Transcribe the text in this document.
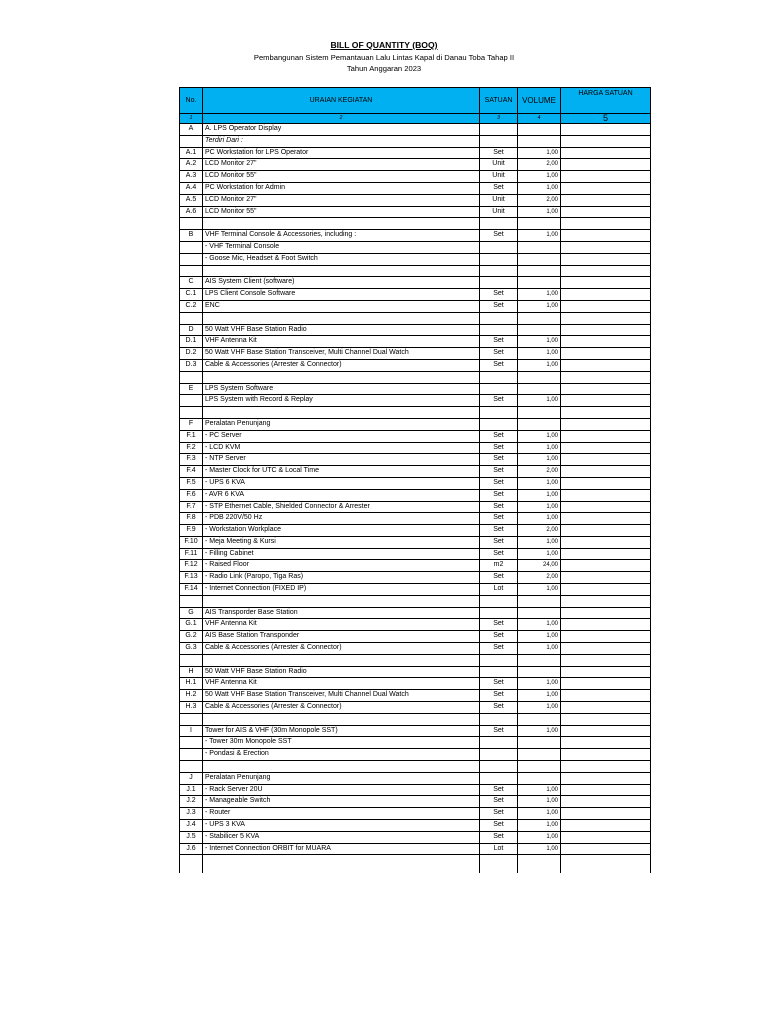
BILL OF QUANTITY (BOQ)
Pembangunan Sistem Pemantauan Lalu Lintas Kapal di Danau Toba Tahap II
Tahun Anggaran 2023
No.	URAIAN KEGIATAN	SATUAN	VOLUME	HARGA SATUAN
1	2	3	4	5
A	A. LPS Operator Display			
	Terdiri Dari :			
A.1	PC Workstation for LPS Operator	Set	1,00	
A.2	LCD Monitor 27"	Unit	2,00	
A.3	LCD Monitor 55"	Unit	1,00	
A.4	PC Workstation for Admin	Set	1,00	
A.5	LCD Monitor 27"	Unit	2,00	
A.6	LCD Monitor 55"	Unit	1,00	

B	VHF Terminal Console & Accessories, including :	Set	1,00	
	- VHF Terminal Console			
	- Goose Mic, Headset & Foot Switch			

C	AIS System Client (software)			
C.1	LPS Client Console Software	Set	1,00	
C.2	ENC	Set	1,00	

D	50 Watt VHF Base Station Radio			
D.1	VHF Antenna Kit	Set	1,00	
D.2	50 Watt VHF Base Station Transceiver, Multi Channel Dual Watch	Set	1,00	
D.3	Cable & Accessories (Arrester & Connector)	Set	1,00	

E	LPS System Software			
	LPS System with Record & Replay	Set	1,00	

F	Peralatan Penunjang			
F.1	- PC Server	Set	1,00	
F.2	- LCD KVM	Set	1,00	
F.3	- NTP Server	Set	1,00	
F.4	- Master Clock for UTC & Local Time	Set	2,00	
F.5	- UPS 6 KVA	Set	1,00	
F.6	- AVR 6 KVA	Set	1,00	
F.7	- STP Ethernet Cable, Shielded Connector & Arrester	Set	1,00	
F.8	- PDB 220V/50 Hz	Set	1,00	
F.9	- Workstation Workplace	Set	2,00	
F.10	- Meja Meeting & Kursi	Set	1,00	
F.11	- Filling Cabinet	Set	1,00	
F.12	- Raised Floor	m2	24,00	
F.13	- Radio Link (Paropo, Tiga Ras)	Set	2,00	
F.14	- Internet Connection (FIXED IP)	Lot	1,00	

G	AIS Transporder Base Station			
G.1	VHF Antenna Kit	Set	1,00	
G.2	AIS Base Station Transponder	Set	1,00	
G.3	Cable & Accessories (Arrester & Connector)	Set	1,00	

H	50 Watt VHF Base Station Radio			
H.1	VHF Antenna Kit	Set	1,00	
H.2	50 Watt VHF Base Station Transceiver, Multi Channel Dual Watch	Set	1,00	
H.3	Cable & Accessories (Arrester & Connector)	Set	1,00	

I	Tower for AIS & VHF (30m Monopole SST)	Set	1,00	
	- Tower 30m Monopole SST			
	- Pondasi & Erection			

J	Peralatan Penunjang			
J.1	- Rack Server 20U	Set	1,00	
J.2	- Manageable Switch	Set	1,00	
J.3	- Router	Set	1,00	
J.4	- UPS 3 KVA	Set	1,00	
J.5	- Stabilicer 5 KVA	Set	1,00	
J.6	- Internet Connection ORBIT for MUARA	Lot	1,00	
